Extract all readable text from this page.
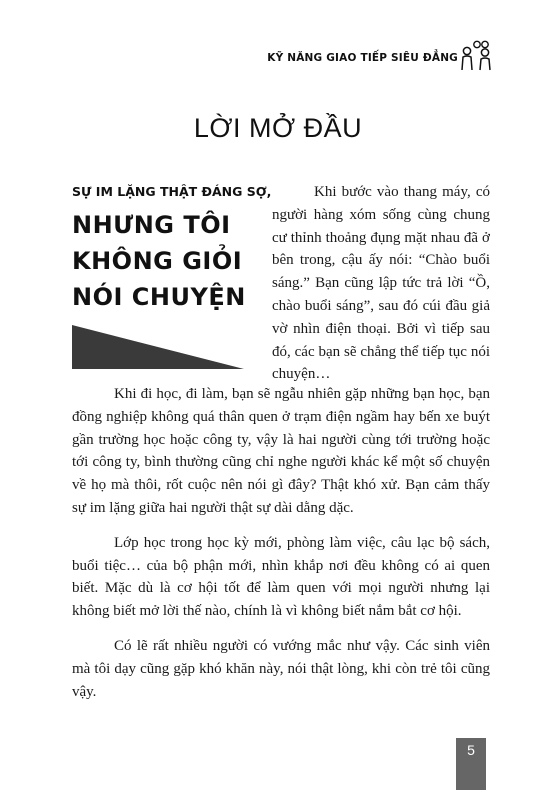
KỸ NĂNG GIAO TIẾP SIÊU ĐẲNG
LỜI MỞ ĐẦU
SỰ IM LẶNG THẬT ĐÁNG SỢ,
NHƯNG TÔI
KHÔNG GIỎI
NÓI CHUYỆN

Khi bước vào thang máy, có người hàng xóm sống cùng chung cư thỉnh thoảng đụng mặt nhau đã ở bên trong, cậu ấy nói: “Chào buổi sáng.” Bạn cũng lập tức trả lời “Ồ, chào buổi sáng”, sau đó cúi đầu giả vờ nhìn điện thoại. Bởi vì tiếp sau đó, các bạn sẽ chẳng thể tiếp tục nói chuyện…

Khi đi học, đi làm, bạn sẽ ngẫu nhiên gặp những bạn học, bạn đồng nghiệp không quá thân quen ở trạm điện ngầm hay bến xe buýt gần trường học hoặc công ty, vậy là hai người cùng tới trường hoặc tới công ty, bình thường cũng chỉ nghe người khác kể một số chuyện về họ mà thôi, rốt cuộc nên nói gì đây? Thật khó xử. Bạn cảm thấy sự im lặng giữa hai người thật sự dài dằng dặc.

Lớp học trong học kỳ mới, phòng làm việc, câu lạc bộ sách, buổi tiệc… của bộ phận mới, nhìn khắp nơi đều không có ai quen biết. Mặc dù là cơ hội tốt để làm quen với mọi người nhưng lại không biết mở lời thế nào, chính là vì không biết nắm bắt cơ hội.

Có lẽ rất nhiều người có vướng mắc như vậy. Các sinh viên mà tôi dạy cũng gặp khó khăn này, nói thật lòng, khi còn trẻ tôi cũng vậy.

5
